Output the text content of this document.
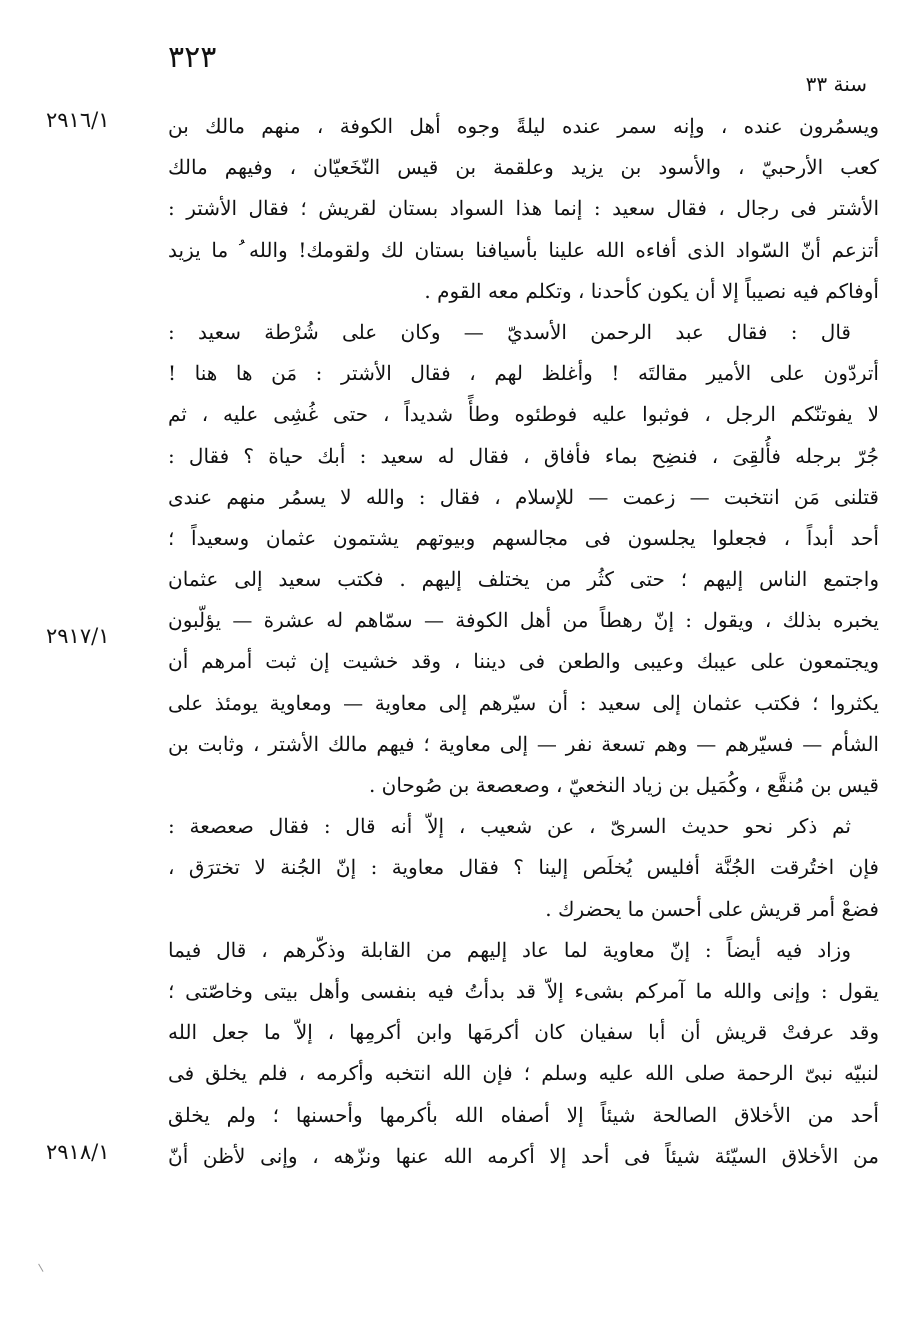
٣٢٣
سنة ٣٣
٢٩١٦/١
٢٩١٧/١
٢٩١٨/١
ويسمُرون عنده ، وإنه سمر عنده ليلةً وجوه أهل الكوفة ، منهم مالك بن
كعب الأرحبيّ ، والأسود بن يزيد وعلقمة بن قيس النّخَعيّان ، وفيهم مالك
الأشتر فى رجال ، فقال سعيد : إنما هذا السواد بستان لقريش ؛ فقال الأشتر :
أتزعم أنّ السّواد الذى أفاءه الله علينا بأسيافنا بستان لك ولقومك! والله ُ ما يزيد
أوفاكم فيه نصيباً إلا أن يكون كأحدنا ، وتكلم معه القوم .
قال : فقال عبد الرحمن الأسديّ — وكان على شُرْطة سعيد :
أتردّون على الأمير مقالتَه ! وأغلظ لهم ، فقال الأشتر : مَن ها هنا !
لا يفوتنّكم الرجل ، فوثبوا عليه فوطئوه وطأً شديداً ، حتى غُشِى عليه ، ثم
جُرّ برجله فأُلقِىَ ، فنضِح بماء فأفاق ، فقال له سعيد : أبك حياة ؟ فقال :
قتلنى مَن انتخبت — زعمت — للإسلام ، فقال : والله لا يسمُر منهم عندى
أحد أبداً ، فجعلوا يجلسون فى مجالسهم وبيوتهم يشتمون عثمان وسعيداً ؛
واجتمع الناس إليهم ؛ حتى كثُر من يختلف إليهم . فكتب سعيد إلى عثمان
يخبره بذلك ، ويقول : إنّ رهطاً من أهل الكوفة — سمّاهم له عشرة — يؤلّبون
ويجتمعون على عيبك وعيبى والطعن فى ديننا ، وقد خشيت إن ثبت أمرهم أن
يكثروا ؛ فكتب عثمان إلى سعيد : أن سيّرهم إلى معاوية — ومعاوية يومئذ على
الشأم — فسيّرهم — وهم تسعة نفر — إلى معاوية ؛ فيهم مالك الأشتر ، وثابت بن
قيس بن مُنقَّع ، وكُمَيل بن زياد النخعيّ ، وصعصعة بن صُوحان .
ثم ذكر نحو حديث السرىّ ، عن شعيب ، إلاّ أنه قال : فقال صعصعة :
فإن اختُرقت الجُنَّة أفليس يُخلَص إلينا ؟ فقال معاوية : إنّ الجُنة لا تخترَق ،
فضعْ أمر قريش على أحسن ما يحضرك .
وزاد فيه أيضاً : إنّ معاوية لما عاد إليهم من القابلة وذكّرهم ، قال فيما
يقول : وإنى والله ما آمركم بشىء إلاّ قد بدأتُ فيه بنفسى وأهل بيتى وخاصّتى ؛
وقد عرفتْ قريش أن أبا سفيان كان أكرمَها وابن أكرمِها ، إلاّ ما جعل الله
لنبيّه نبىّ الرحمة صلى الله عليه وسلم ؛ فإن الله انتخبه وأكرمه ، فلم يخلق فى
أحد من الأخلاق الصالحة شيئاً إلا أصفاه الله بأكرمها وأحسنها ؛ ولم يخلق
من الأخلاق السيّئة شيئاً فى أحد إلا أكرمه الله عنها ونزّهه ، وإنى لأظن أنّ
